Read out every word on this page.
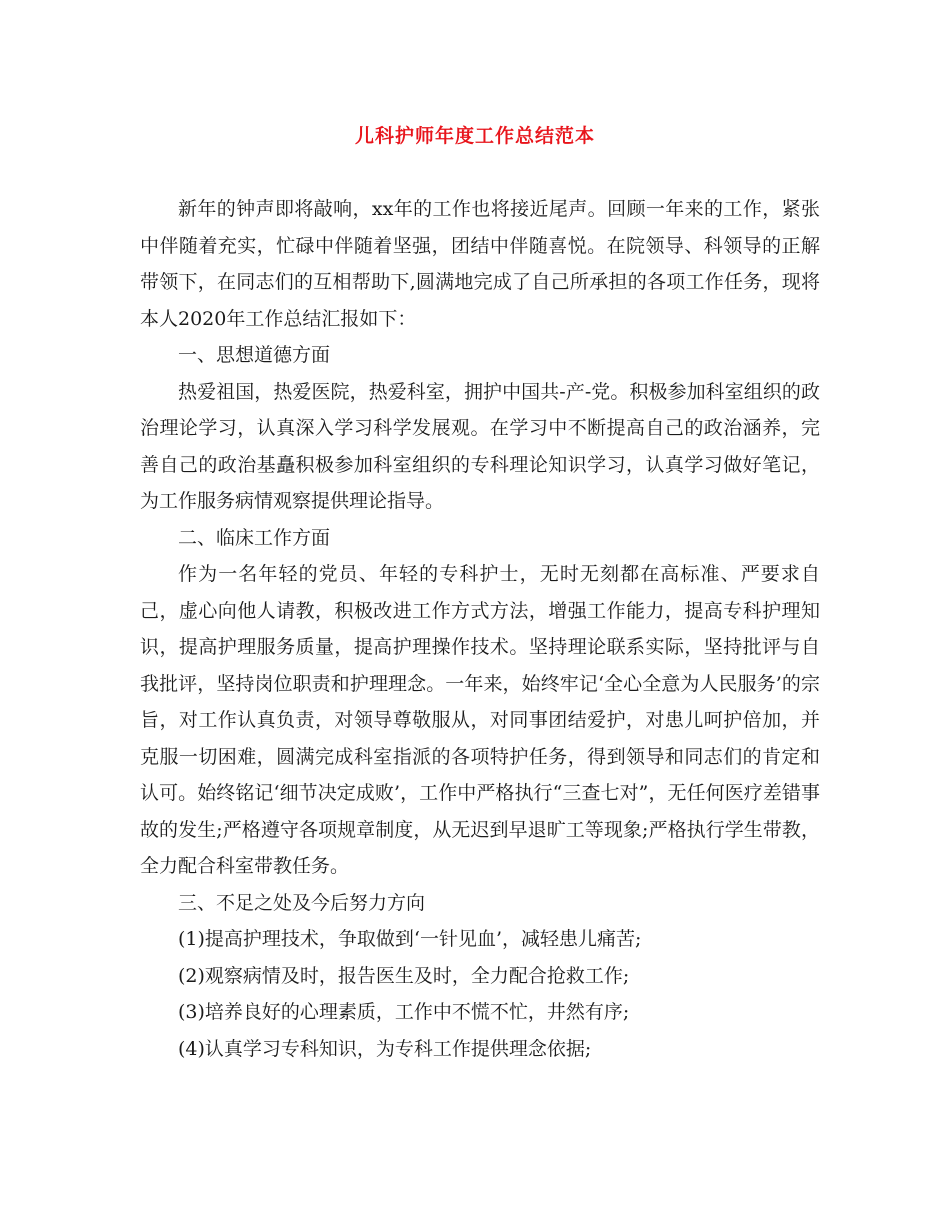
儿科护师年度工作总结范本

新年的钟声即将敲响，xx年的工作也将接近尾声。回顾一年来的工作，紧张中伴随着充实，忙碌中伴随着坚强，团结中伴随喜悦。在院领导、科领导的正解带领下，在同志们的互相帮助下,圆满地完成了自己所承担的各项工作任务，现将本人2020年工作总结汇报如下：

一、思想道德方面

热爱祖国，热爱医院，热爱科室，拥护中国共-产-党。积极参加科室组织的政治理论学习，认真深入学习科学发展观。在学习中不断提高自己的政治涵养，完善自己的政治基矗积极参加科室组织的专科理论知识学习，认真学习做好笔记，为工作服务病情观察提供理论指导。

二、临床工作方面

作为一名年轻的党员、年轻的专科护士，无时无刻都在高标准、严要求自己，虚心向他人请教，积极改进工作方式方法，增强工作能力，提高专科护理知识，提高护理服务质量，提高护理操作技术。坚持理论联系实际，坚持批评与自我批评，坚持岗位职责和护理理念。一年来，始终牢记‘全心全意为人民服务’的宗旨，对工作认真负责，对领导尊敬服从，对同事团结爱护，对患儿呵护倍加，并克服一切困难，圆满完成科室指派的各项特护任务，得到领导和同志们的肯定和认可。始终铭记‘细节决定成败’，工作中严格执行“三查七对”，无任何医疗差错事故的发生;严格遵守各项规章制度，从无迟到早退旷工等现象;严格执行学生带教，全力配合科室带教任务。

三、不足之处及今后努力方向

(1)提高护理技术，争取做到‘一针见血’，减轻患儿痛苦;

(2)观察病情及时，报告医生及时，全力配合抢救工作;

(3)培养良好的心理素质，工作中不慌不忙，井然有序;

(4)认真学习专科知识，为专科工作提供理念依据;
